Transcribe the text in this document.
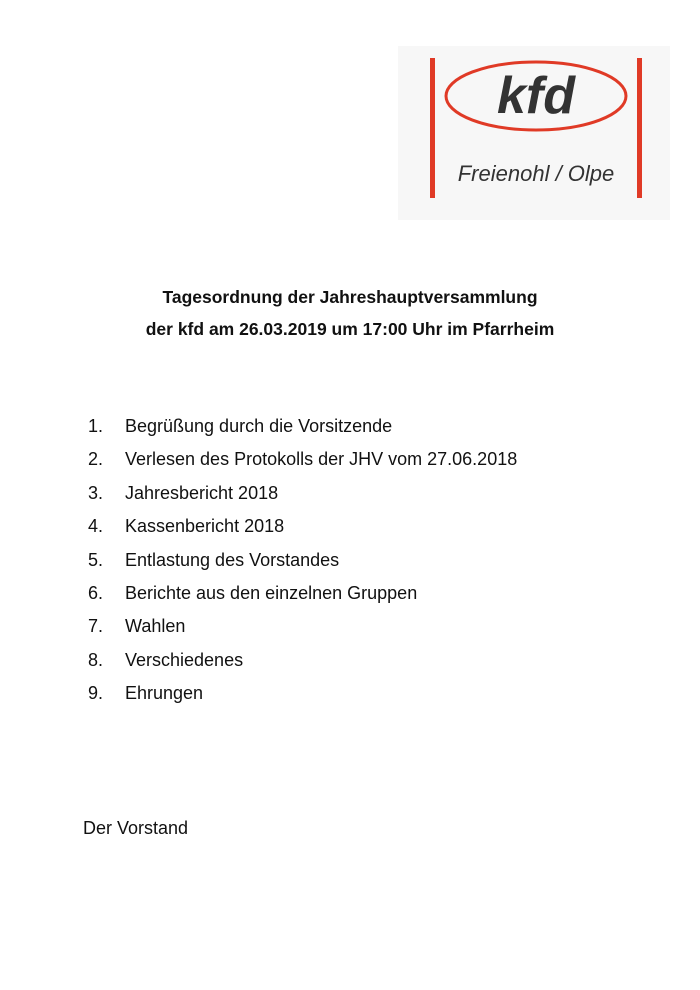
kfd
Freienohl / Olpe
Tagesordnung der Jahreshauptversammlung
der kfd am 26.03.2019 um 17:00 Uhr im Pfarrheim
1.	Begrüßung durch die Vorsitzende
2.	Verlesen des Protokolls der JHV vom 27.06.2018
3.	Jahresbericht 2018
4.	Kassenbericht 2018
5.	Entlastung des Vorstandes
6.	Berichte aus den einzelnen Gruppen
7.	Wahlen
8.	Verschiedenes
9.	Ehrungen
Der Vorstand
